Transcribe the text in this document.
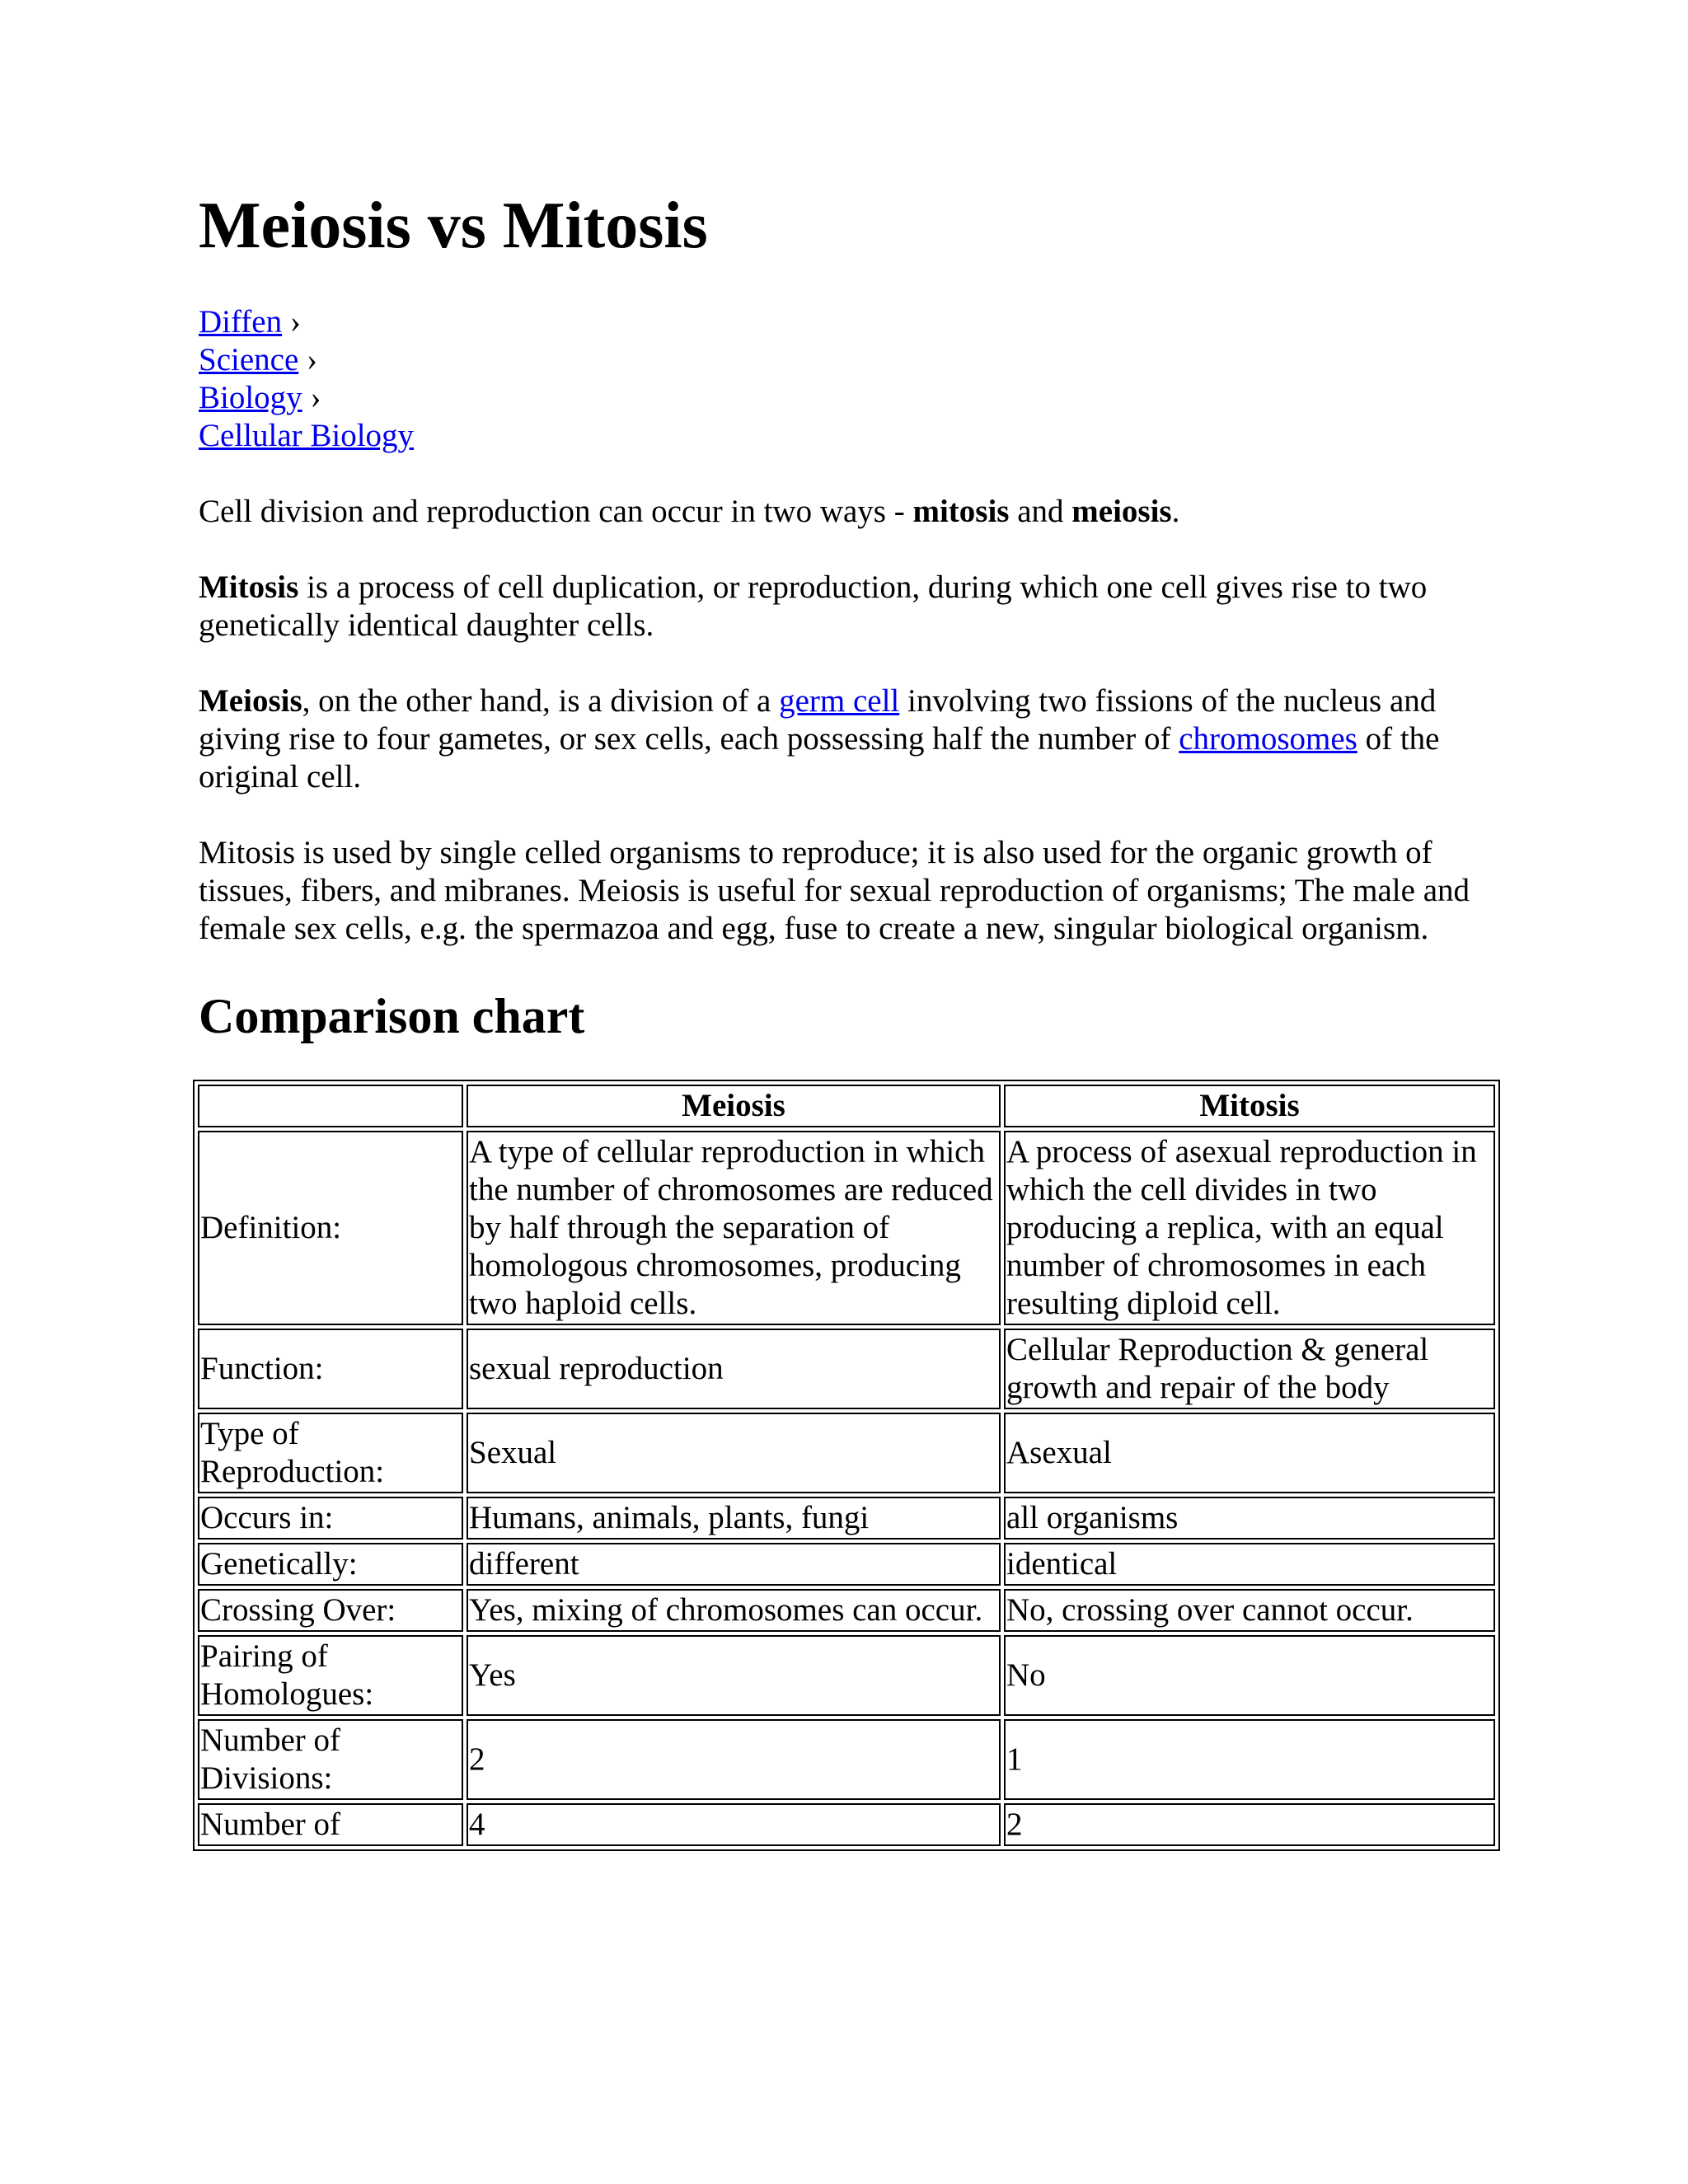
Meiosis vs Mitosis
Diffen ›
Science ›
Biology ›
Cellular Biology

Cell division and reproduction can occur in two ways - mitosis and meiosis.

Mitosis is a process of cell duplication, or reproduction, during which one cell gives rise to two genetically identical daughter cells.

Meiosis, on the other hand, is a division of a germ cell involving two fissions of the nucleus and giving rise to four gametes, or sex cells, each possessing half the number of chromosomes of the original cell.

Mitosis is used by single celled organisms to reproduce; it is also used for the organic growth of tissues, fibers, and mibranes. Meiosis is useful for sexual reproduction of organisms; The male and female sex cells, e.g. the spermazoa and egg, fuse to create a new, singular biological organism.

Comparison chart
	Meiosis	Mitosis
Definition:	A type of cellular reproduction in which the number of chromosomes are reduced by half through the separation of homologous chromosomes, producing two haploid cells.	A process of asexual reproduction in which the cell divides in two producing a replica, with an equal number of chromosomes in each resulting diploid cell.
Function:	sexual reproduction	Cellular Reproduction & general growth and repair of the body
Type of Reproduction:	Sexual	Asexual
Occurs in:	Humans, animals, plants, fungi	all organisms
Genetically:	different	identical
Crossing Over:	Yes, mixing of chromosomes can occur.	No, crossing over cannot occur.
Pairing of Homologues:	Yes	No
Number of Divisions:	2	1
Number of	4	2
